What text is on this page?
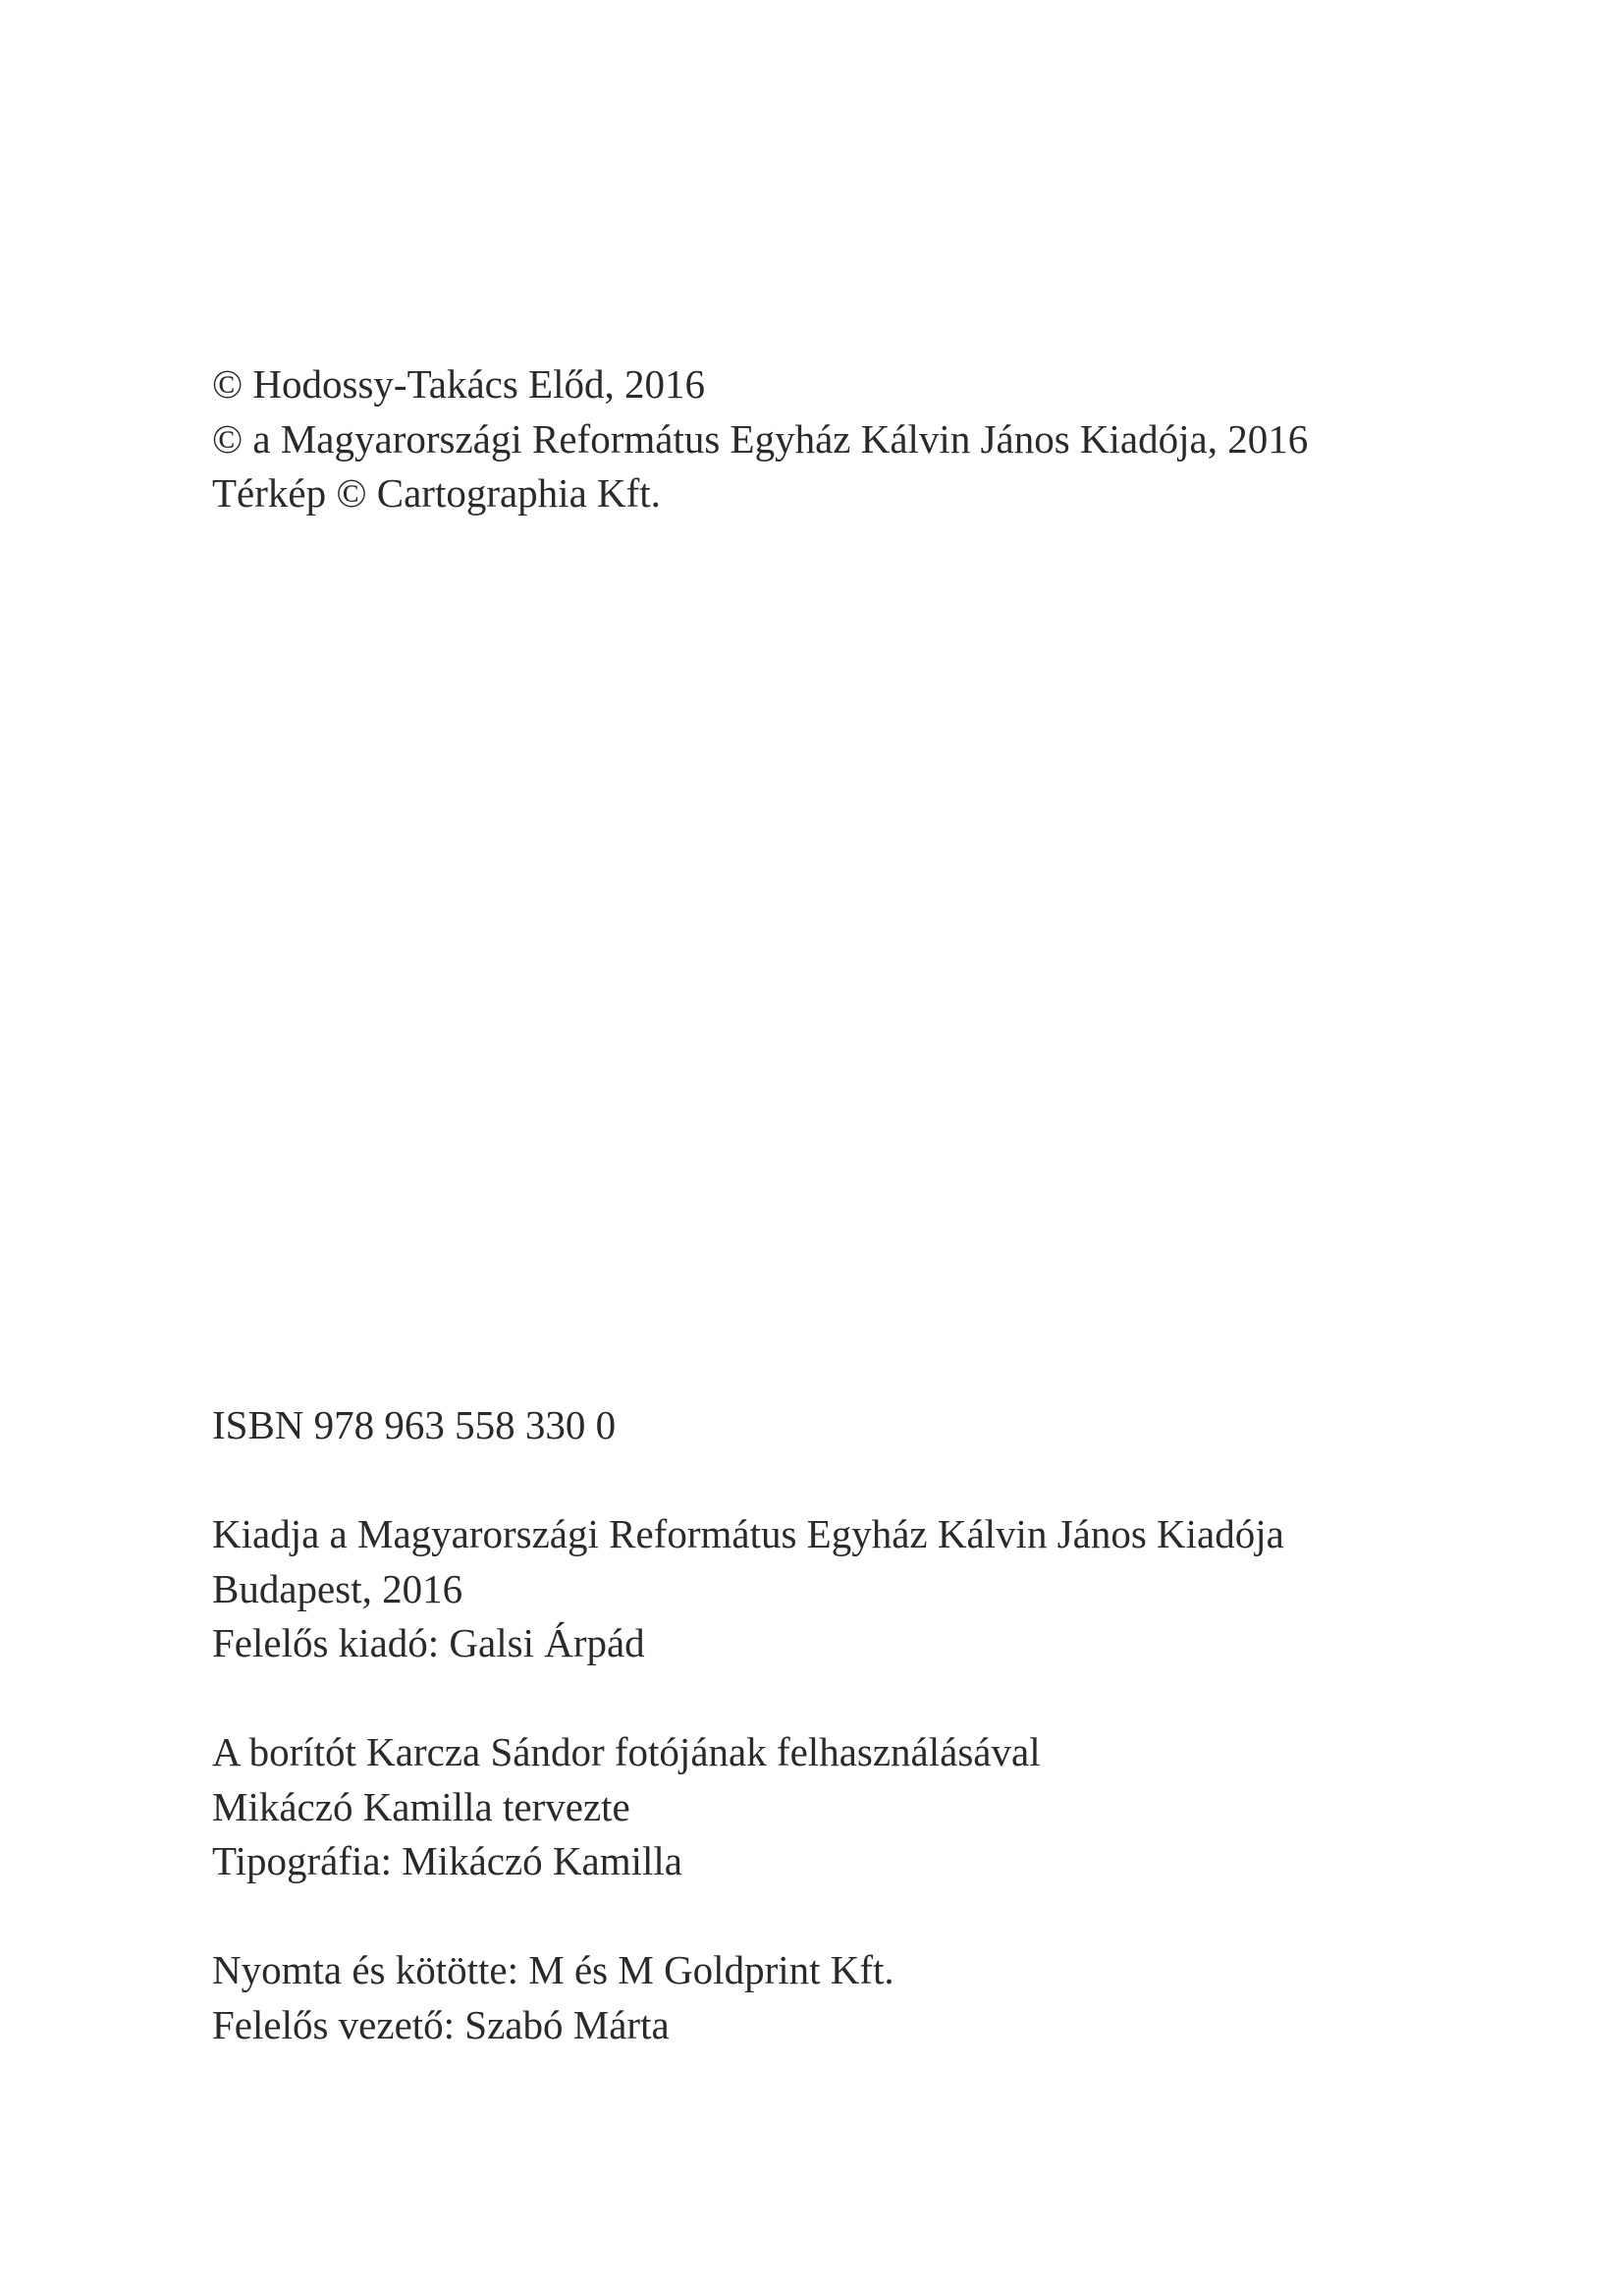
© Hodossy-Takács Előd, 2016
© a Magyarországi Református Egyház Kálvin János Kiadója, 2016
Térkép © Cartographia Kft.
ISBN 978 963 558 330 0
Kiadja a Magyarországi Református Egyház Kálvin János Kiadója
Budapest, 2016
Felelős kiadó: Galsi Árpád
A borítót Karcza Sándor fotójának felhasználásával
Mikáczó Kamilla tervezte
Tipográfia: Mikáczó Kamilla
Nyomta és kötötte: M és M Goldprint Kft.
Felelős vezető: Szabó Márta
